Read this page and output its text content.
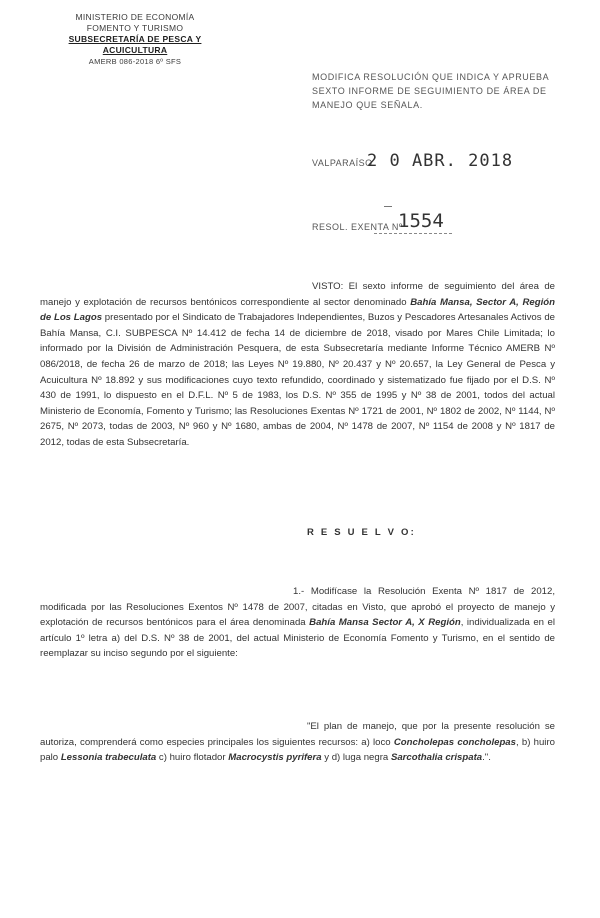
MINISTERIO DE ECONOMÍA
FOMENTO Y TURISMO
SUBSECRETARÍA DE PESCA Y ACUICULTURA
AMERB 086-2018 6º SFS
MODIFICA RESOLUCIÓN QUE INDICA Y APRUEBA SEXTO INFORME DE SEGUIMIENTO DE ÁREA DE MANEJO QUE SEÑALA.
VALPARAÍSO
2 0 ABR. 2018
RESOL. EXENTA Nº
1554
VISTO: El sexto informe de seguimiento del área de manejo y explotación de recursos bentónicos correspondiente al sector denominado Bahía Mansa, Sector A, Región de Los Lagos presentado por el Sindicato de Trabajadores Independientes, Buzos y Pescadores Artesanales Activos de Bahía Mansa, C.I. SUBPESCA Nº 14.412 de fecha 14 de diciembre de 2018, visado por Mares Chile Limitada; lo informado por la División de Administración Pesquera, de esta Subsecretaría mediante Informe Técnico AMERB Nº 086/2018, de fecha 26 de marzo de 2018; las Leyes Nº 19.880, Nº 20.437 y Nº 20.657, la Ley General de Pesca y Acuicultura Nº 18.892 y sus modificaciones cuyo texto refundido, coordinado y sistematizado fue fijado por el D.S. Nº 430 de 1991, lo dispuesto en el D.F.L. Nº 5 de 1983, los D.S. Nº 355 de 1995 y Nº 38 de 2001, todos del actual Ministerio de Economía, Fomento y Turismo; las Resoluciones Exentas Nº 1721 de 2001, Nº 1802 de 2002, Nº 1144, Nº 2675, Nº 2073, todas de 2003, Nº 960 y Nº 1680, ambas de 2004, Nº 1478 de 2007, Nº 1154 de 2008 y Nº 1817 de 2012, todas de esta Subsecretaría.
R E S U E L V O:
1.- Modifícase la Resolución Exenta Nº 1817 de 2012, modificada por las Resoluciones Exentos Nº 1478 de 2007, citadas en Visto, que aprobó el proyecto de manejo y explotación de recursos bentónicos para el área denominada Bahía Mansa Sector A, X Región, individualizada en el artículo 1º letra a) del D.S. Nº 38 de 2001, del actual Ministerio de Economía Fomento y Turismo, en el sentido de reemplazar su inciso segundo por el siguiente:
"El plan de manejo, que por la presente resolución se autoriza, comprenderá como especies principales los siguientes recursos: a) loco Concholepas concholepas, b) huiro palo Lessonia trabeculata c) huiro flotador Macrocystis pyrifera y d) luga negra Sarcothalia crispata.".
